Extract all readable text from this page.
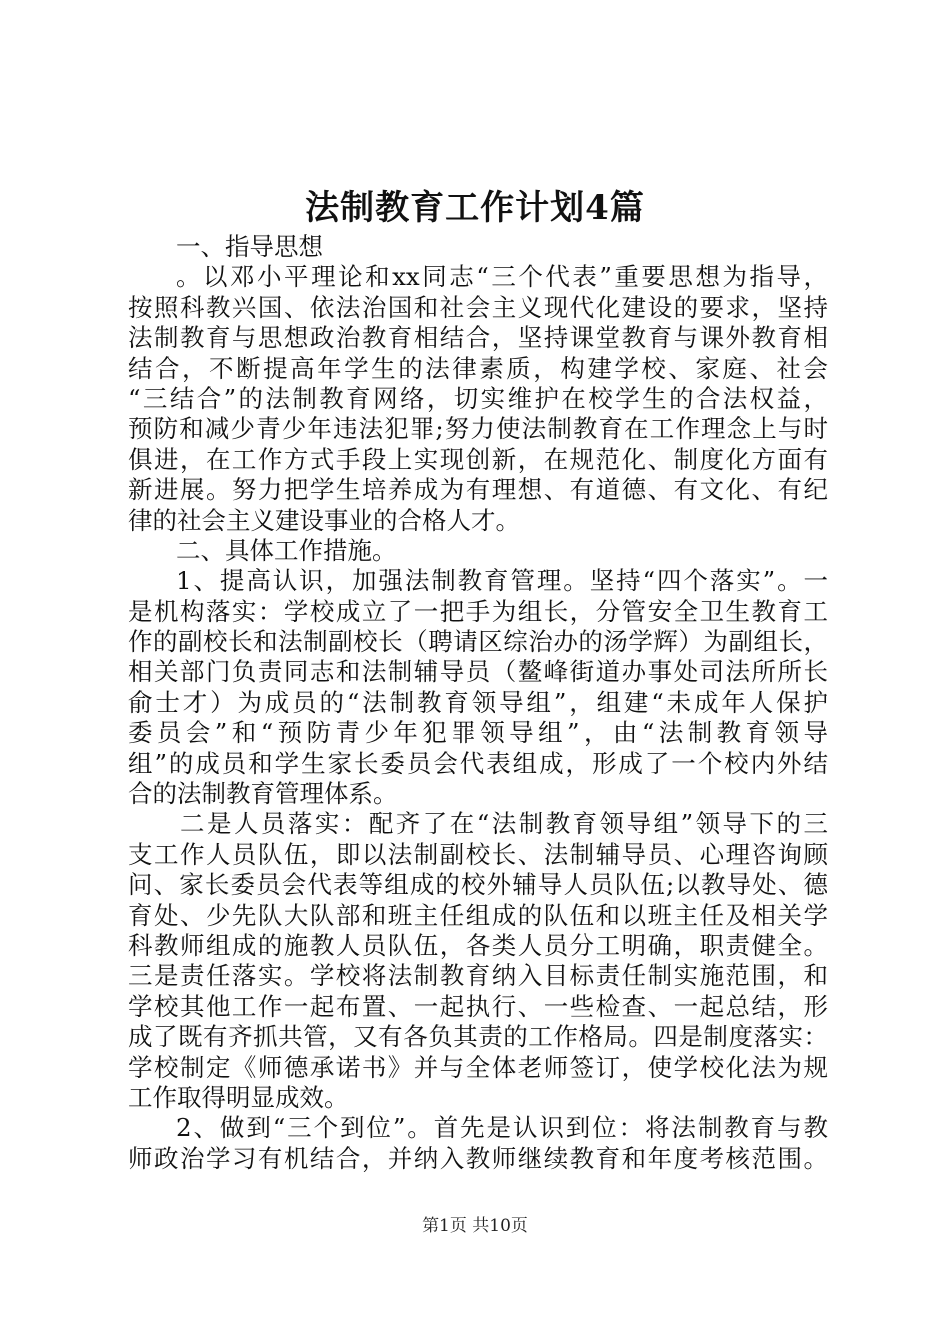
法制教育工作计划4篇
一、指导思想
。以邓小平理论和xx同志“三个代表”重要思想为指导，
按照科教兴国、依法治国和社会主义现代化建设的要求，坚持
法制教育与思想政治教育相结合，坚持课堂教育与课外教育相
结合，不断提高年学生的法律素质，构建学校、家庭、社会
“三结合”的法制教育网络，切实维护在校学生的合法权益，
预防和减少青少年违法犯罪;努力使法制教育在工作理念上与时
俱进，在工作方式手段上实现创新，在规范化、制度化方面有
新进展。努力把学生培养成为有理想、有道德、有文化、有纪
律的社会主义建设事业的合格人才。
二、具体工作措施。
1、提高认识，加强法制教育管理。坚持“四个落实”。一
是机构落实：学校成立了一把手为组长，分管安全卫生教育工
作的副校长和法制副校长（聘请区综治办的汤学辉）为副组长，
相关部门负责同志和法制辅导员（鳌峰街道办事处司法所所长
俞士才）为成员的“法制教育领导组”，组建“未成年人保护
委员会”和“预防青少年犯罪领导组”，由“法制教育领导
组”的成员和学生家长委员会代表组成，形成了一个校内外结
合的法制教育管理体系。
二是人员落实：配齐了在“法制教育领导组”领导下的三
支工作人员队伍，即以法制副校长、法制辅导员、心理咨询顾
问、家长委员会代表等组成的校外辅导人员队伍;以教导处、德
育处、少先队大队部和班主任组成的队伍和以班主任及相关学
科教师组成的施教人员队伍，各类人员分工明确，职责健全。
三是责任落实。学校将法制教育纳入目标责任制实施范围，和
学校其他工作一起布置、一起执行、一些检查、一起总结，形
成了既有齐抓共管，又有各负其责的工作格局。四是制度落实：
学校制定《师德承诺书》并与全体老师签订，使学校化法为规
工作取得明显成效。
2、做到“三个到位”。首先是认识到位：将法制教育与教
师政治学习有机结合，并纳入教师继续教育和年度考核范围。
第1页 共10页
